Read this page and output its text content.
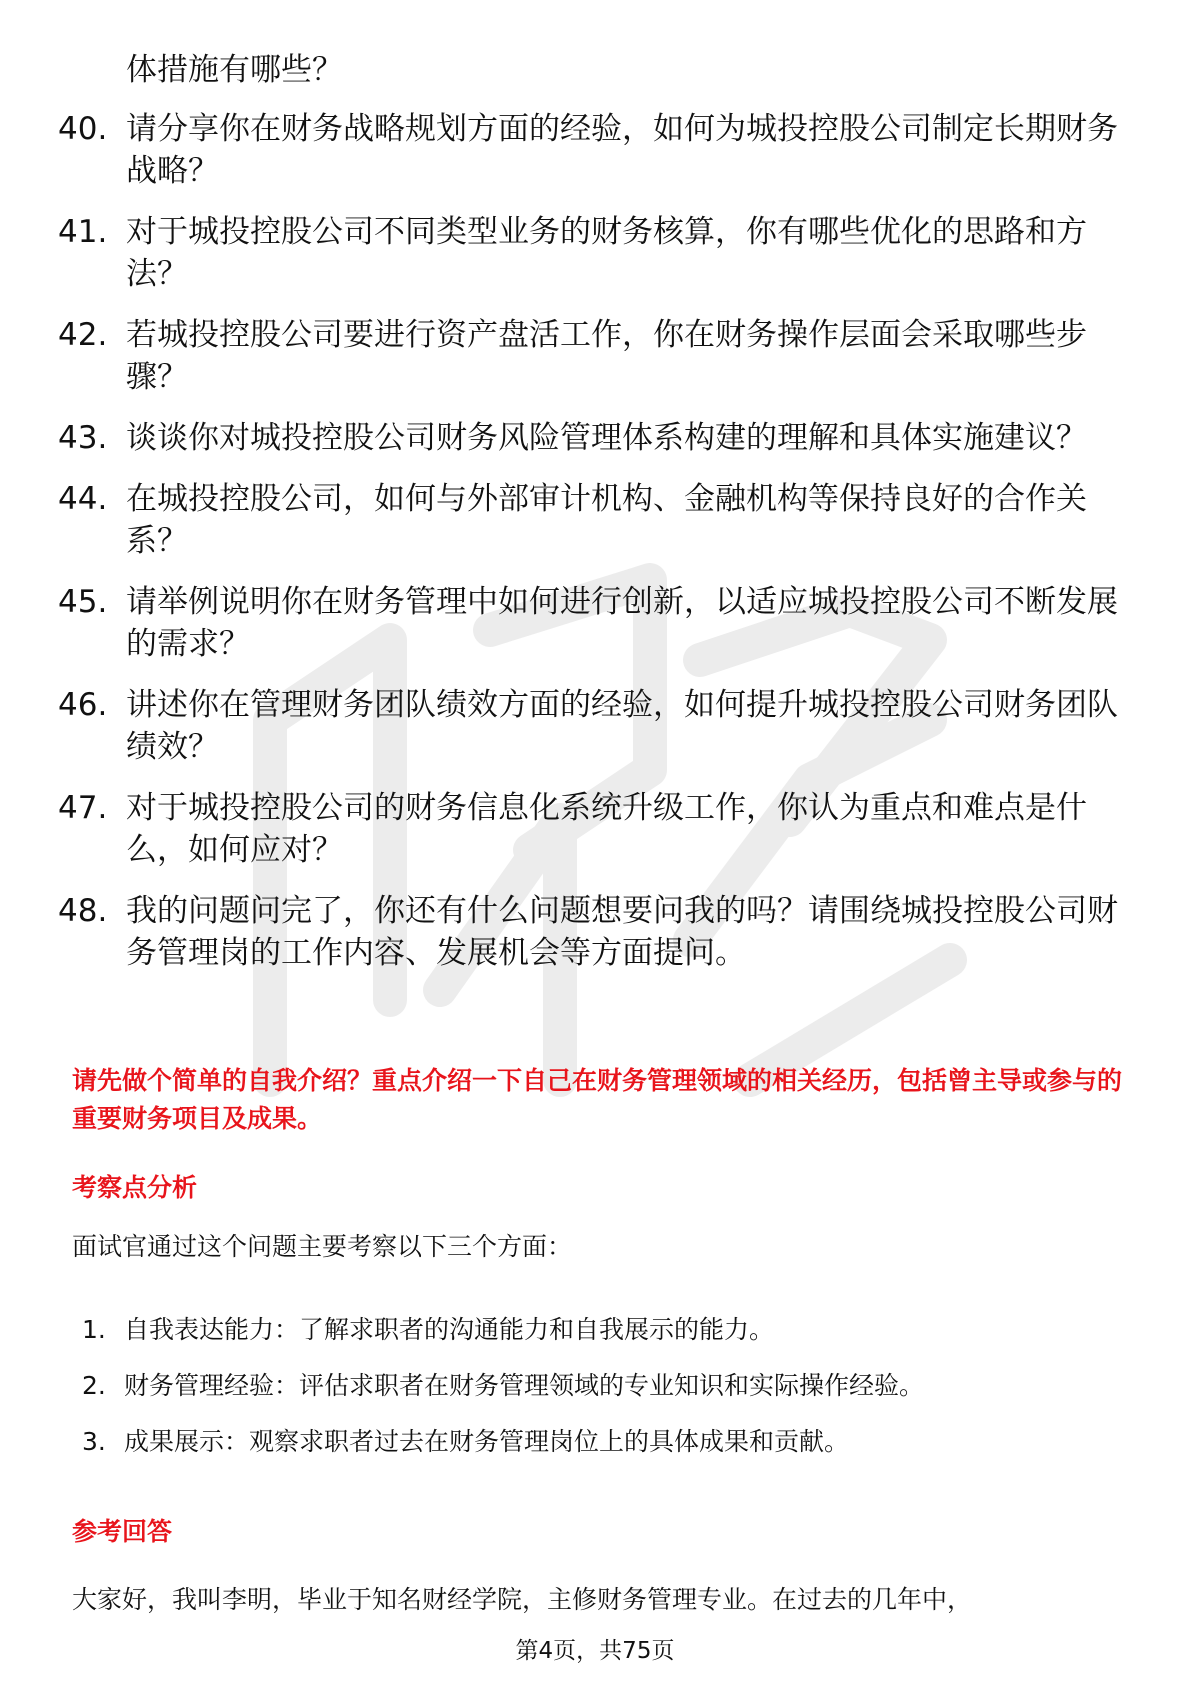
体措施有哪些？
40. 请分享你在财务战略规划方面的经验，如何为城投控股公司制定长期财务战略？
41. 对于城投控股公司不同类型业务的财务核算，你有哪些优化的思路和方法？
42. 若城投控股公司要进行资产盘活工作，你在财务操作层面会采取哪些步骤？
43. 谈谈你对城投控股公司财务风险管理体系构建的理解和具体实施建议？
44. 在城投控股公司，如何与外部审计机构、金融机构等保持良好的合作关系？
45. 请举例说明你在财务管理中如何进行创新，以适应城投控股公司不断发展的需求？
46. 讲述你在管理财务团队绩效方面的经验，如何提升城投控股公司财务团队绩效？
47. 对于城投控股公司的财务信息化系统升级工作，你认为重点和难点是什么，如何应对？
48. 我的问题问完了，你还有什么问题想要问我的吗？请围绕城投控股公司财务管理岗的工作内容、发展机会等方面提问。
请先做个简单的自我介绍？重点介绍一下自己在财务管理领域的相关经历，包括曾主导或参与的重要财务项目及成果。
考察点分析
面试官通过这个问题主要考察以下三个方面：
1. 自我表达能力：了解求职者的沟通能力和自我展示的能力。
2. 财务管理经验：评估求职者在财务管理领域的专业知识和实际操作经验。
3. 成果展示：观察求职者过去在财务管理岗位上的具体成果和贡献。
参考回答
大家好，我叫李明，毕业于知名财经学院，主修财务管理专业。在过去的几年中，
第4页，共75页
